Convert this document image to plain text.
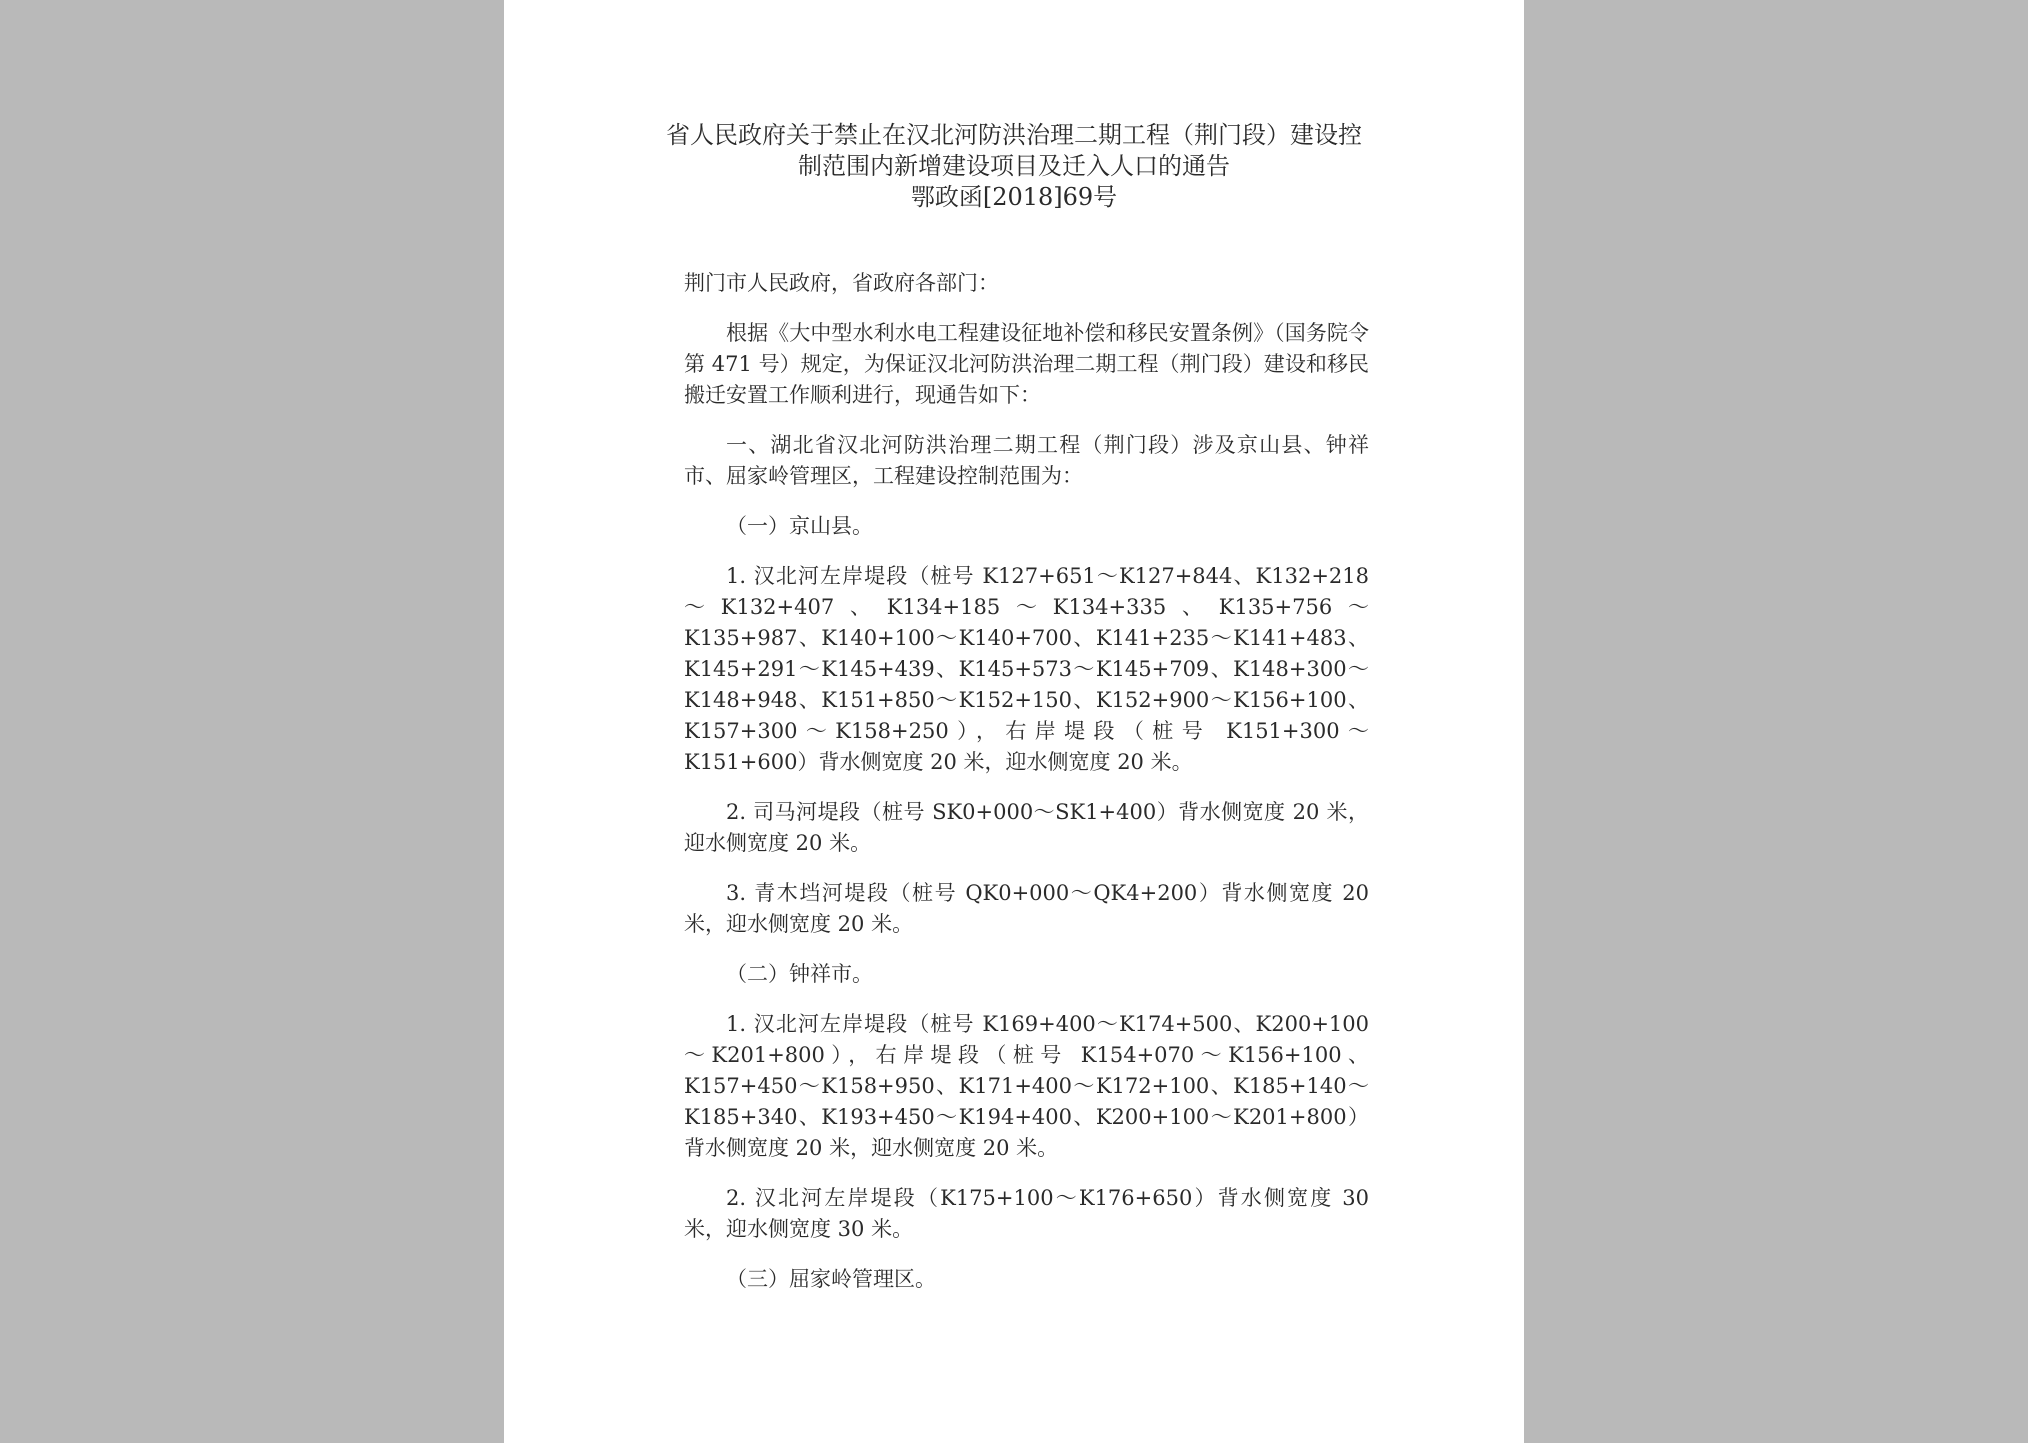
省人民政府关于禁止在汉北河防洪治理二期工程（荆门段）建设控
制范围内新增建设项目及迁入人口的通告
鄂政函[2018]69号

荆门市人民政府，省政府各部门：

根据《大中型水利水电工程建设征地补偿和移民安置条例》（国务院令第 471 号）规定，为保证汉北河防洪治理二期工程（荆门段）建设和移民搬迁安置工作顺利进行，现通告如下：

一、湖北省汉北河防洪治理二期工程（荆门段）涉及京山县、钟祥市、屈家岭管理区，工程建设控制范围为：

（一）京山县。

1. 汉北河左岸堤段（桩号 K127+651～K127+844、K132+218～K132+407、K134+185～K134+335、K135+756～K135+987、K140+100～K140+700、K141+235～K141+483、K145+291～K145+439、K145+573～K145+709、K148+300～K148+948、K151+850～K152+150、K152+900～K156+100、K157+300～K158+250），右岸堤段（桩号 K151+300～K151+600）背水侧宽度 20 米，迎水侧宽度 20 米。

2. 司马河堤段（桩号 SK0+000～SK1+400）背水侧宽度 20 米，迎水侧宽度 20 米。

3. 青木垱河堤段（桩号 QK0+000～QK4+200）背水侧宽度 20 米，迎水侧宽度 20 米。

（二）钟祥市。

1. 汉北河左岸堤段（桩号 K169+400～K174+500、K200+100～K201+800），右岸堤段（桩号 K154+070～K156+100、K157+450～K158+950、K171+400～K172+100、K185+140～K185+340、K193+450～K194+400、K200+100～K201+800）背水侧宽度 20 米，迎水侧宽度 20 米。

2. 汉北河左岸堤段（K175+100～K176+650）背水侧宽度 30 米，迎水侧宽度 30 米。

（三）屈家岭管理区。
